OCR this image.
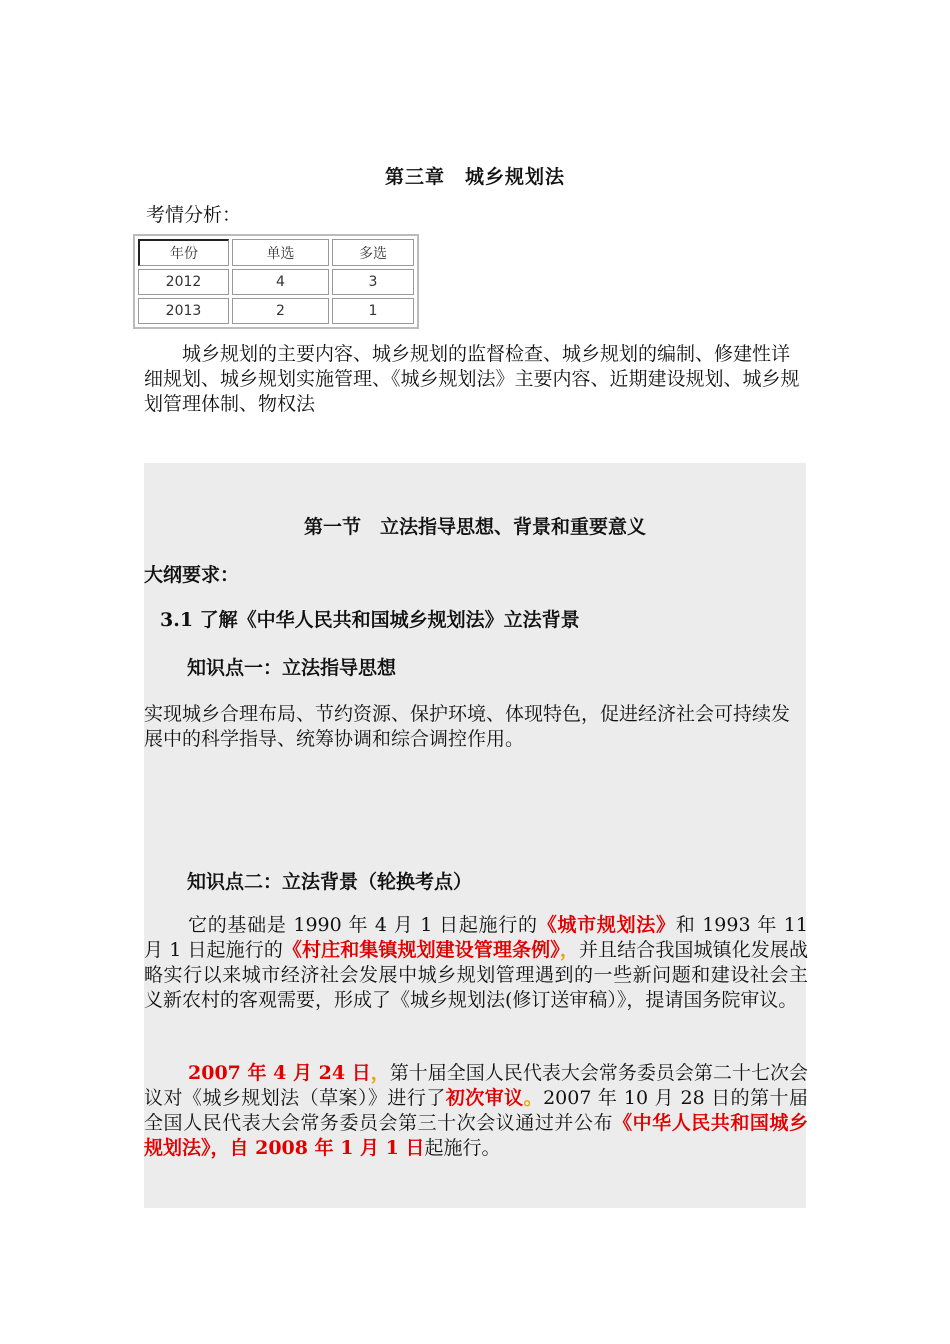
第三章　城乡规划法
考情分析：
年份	单选	多选
2012	4	3
2013	2	1

城乡规划的主要内容、城乡规划的监督检查、城乡规划的编制、修建性详细规划、城乡规划实施管理、《城乡规划法》主要内容、近期建设规划、城乡规划管理体制、物权法

第一节　立法指导思想、背景和重要意义
大纲要求：
3.1 了解《中华人民共和国城乡规划法》立法背景
知识点一：立法指导思想

实现城乡合理布局、节约资源、保护环境、体现特色，促进经济社会可持续发展中的科学指导、统筹协调和综合调控作用。

知识点二：立法背景（轮换考点）

它的基础是 1990 年 4 月 1 日起施行的《城市规划法》和 1993 年 11 月 1 日起施行的《村庄和集镇规划建设管理条例》，并且结合我国城镇化发展战略实行以来城市经济社会发展中城乡规划管理遇到的一些新问题和建设社会主义新农村的客观需要，形成了《城乡规划法(修订送审稿）》，提请国务院审议。

2007 年 4 月 24 日，第十届全国人民代表大会常务委员会第二十七次会议对《城乡规划法（草案）》进行了初次审议。2007 年 10 月 28 日的第十届全国人民代表大会常务委员会第三十次会议通过并公布《中华人民共和国城乡规划法》，自 2008 年 1 月 1 日起施行。
